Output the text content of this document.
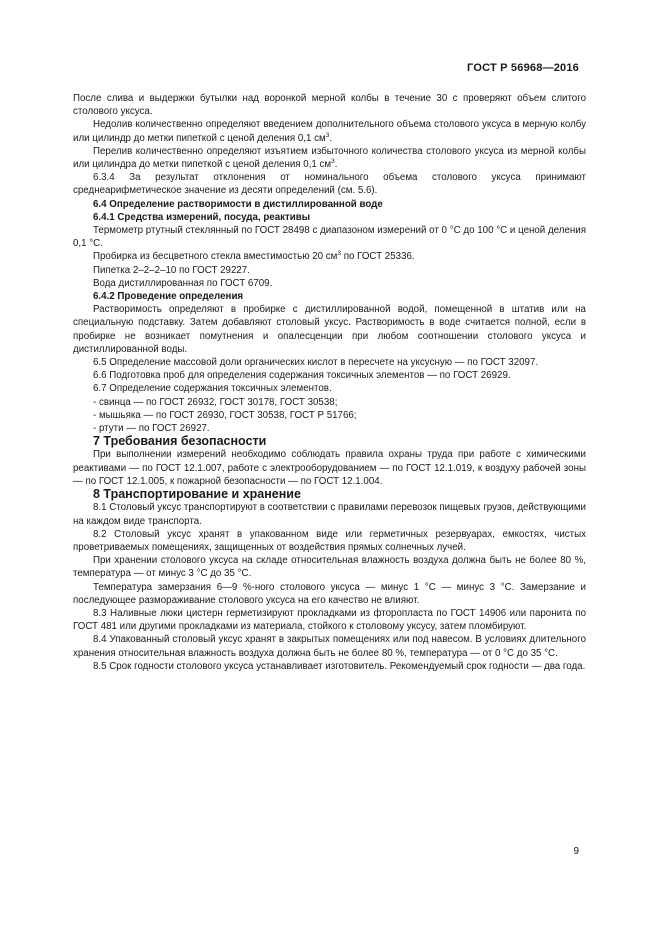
ГОСТ Р 56968—2016

После слива и выдержки бутылки над воронкой мерной колбы в течение 30 с проверяют объем слитого столового уксуса.

Недолив количественно определяют введением дополнительного объема столового уксуса в мерную колбу или цилиндр до метки пипеткой с ценой деления 0,1 $см^3$.

Перелив количественно определяют изъятием избыточного количества столового уксуса из мерной колбы или цилиндра до метки пипеткой с ценой деления 0,1 $см^3$.

6.3.4 За результат отклонения от номинального объема столового уксуса принимают среднеарифметическое значение из десяти определений (см. 5.6).

6.4 Определение растворимости в дистиллированной воде

6.4.1 Средства измерений, посуда, реактивы

Термометр ртутный стеклянный по ГОСТ 28498 с диапазоном измерений от 0 °С до 100 °С и ценой деления 0,1 °С.

Пробирка из бесцветного стекла вместимостью 20 $см^3$ по ГОСТ 25336.

Пипетка 2–2–2–10 по ГОСТ 29227.

Вода дистиллированная по ГОСТ 6709.

6.4.2 Проведение определения

Растворимость определяют в пробирке с дистиллированной водой, помещенной в штатив или на специальную подставку. Затем добавляют столовый уксус. Растворимость в воде считается полной, если в пробирке не возникает помутнения и опалесценции при любом соотношении столового уксуса и дистиллированной воды.

6.5 Определение массовой доли органических кислот в пересчете на уксусную — по ГОСТ 32097.

6.6 Подготовка проб для определения содержания токсичных элементов — по ГОСТ 26929.

6.7 Определение содержания токсичных элементов.

- свинца — по ГОСТ 26932, ГОСТ 30178, ГОСТ 30538;

- мышьяка — по ГОСТ 26930, ГОСТ 30538, ГОСТ Р 51766;

- ртути — по ГОСТ 26927.

7 Требования безопасности

При выполнении измерений необходимо соблюдать правила охраны труда при работе с химическими реактивами — по ГОСТ 12.1.007, работе с электрооборудованием — по ГОСТ 12.1.019, к воздуху рабочей зоны — по ГОСТ 12.1.005, к пожарной безопасности — по ГОСТ 12.1.004.

8 Транспортирование и хранение

8.1 Столовый уксус транспортируют в соответствии с правилами перевозок пищевых грузов, действующими на каждом виде транспорта.

8.2 Столовый уксус хранят в упакованном виде или герметичных резервуарах, емкостях, чистых проветриваемых помещениях, защищенных от воздействия прямых солнечных лучей.

При хранении столового уксуса на складе относительная влажность воздуха должна быть не более 80 %, температура — от минус 3 °С до 35 °С.

Температура замерзания 6—9 %-ного столового уксуса — минус 1 °С — минус 3 °С. Замерзание и последующее размораживание столового уксуса на его качество не влияют.

8.3 Наливные люки цистерн герметизируют прокладками из фторопласта по ГОСТ 14906 или паронита по ГОСТ 481 или другими прокладками из материала, стойкого к столовому уксусу, затем пломбируют.

8.4 Упакованный столовый уксус хранят в закрытых помещениях или под навесом. В условиях длительного хранения относительная влажность воздуха должна быть не более 80 %, температура — от 0 °С до 35 °С.

8.5 Срок годности столового уксуса устанавливает изготовитель. Рекомендуемый срок годности — два года.

9
